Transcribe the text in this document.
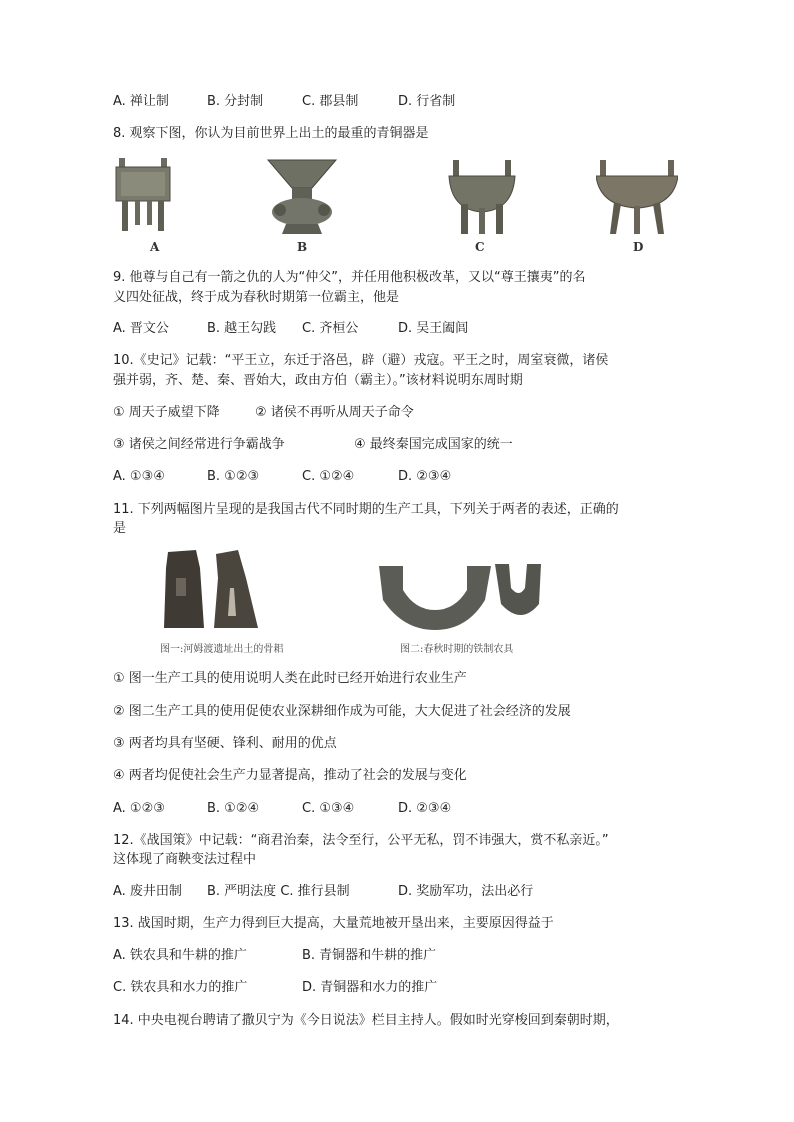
A. 禅让制	B. 分封制	C. 郡县制	D. 行省制
8. 观察下图，你认为目前世界上出土的最重的青铜器是
A	B	C	D
9. 他尊与自己有一箭之仇的人为“仲父”，并任用他积极改革，又以“尊王攘夷”的名
义四处征战，终于成为春秋时期第一位霸主，他是
A. 晋文公	B. 越王勾践 C. 齐桓公	D. 吴王阖闾
10.《史记》记载：“平王立，东迁于洛邑，辟（避）戎寇。平王之时，周室衰微，诸侯
强并弱，齐、楚、秦、晋始大，政由方伯（霸主）。”该材料说明东周时期
① 周天子威望下降	② 诸侯不再听从周天子命令
③ 诸侯之间经常进行争霸战争	④ 最终秦国完成国家的统一
A. ①③④	B. ①②③	C. ①②④	D. ②③④
11. 下列两幅图片呈现的是我国古代不同时期的生产工具，下列关于两者的表述，正确的
是
图一:河姆渡遗址出土的骨耜	图二:春秋时期的铁制农具
① 图一生产工具的使用说明人类在此时已经开始进行农业生产
② 图二生产工具的使用促使农业深耕细作成为可能，大大促进了社会经济的发展
③ 两者均具有坚硬、锋利、耐用的优点
④ 两者均促使社会生产力显著提高，推动了社会的发展与变化
A. ①②③	B. ①②④	C. ①③④	D. ②③④
12.《战国策》中记载：“商君治秦，法令至行，公平无私，罚不讳强大，赏不私亲近。”
这体现了商鞅变法过程中
A. 废井田制 B. 严明法度 C. 推行县制	D. 奖励军功，法出必行
13. 战国时期，生产力得到巨大提高，大量荒地被开垦出来，主要原因得益于
A. 铁农具和牛耕的推广	B. 青铜器和牛耕的推广
C. 铁农具和水力的推广	D. 青铜器和水力的推广
14. 中央电视台聘请了撒贝宁为《今日说法》栏目主持人。假如时光穿梭回到秦朝时期，
